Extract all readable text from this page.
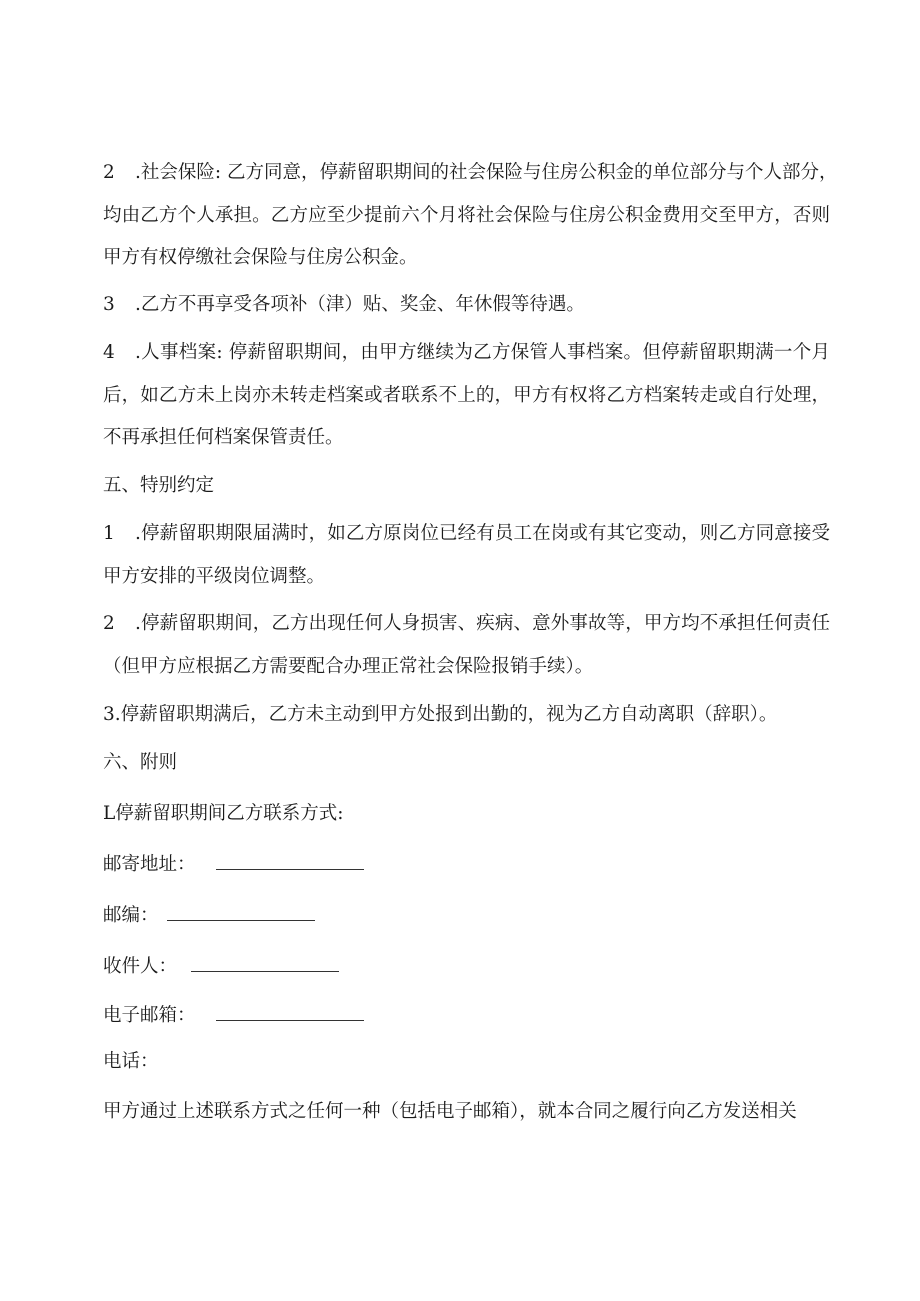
2 .社会保险: 乙方同意，停薪留职期间的社会保险与住房公积金的单位部分与个人部分，
均由乙方个人承担。乙方应至少提前六个月将社会保险与住房公积金费用交至甲方，否则
甲方有权停缴社会保险与住房公积金。
3 .乙方不再享受各项补（津）贴、奖金、年休假等待遇。
4 .人事档案: 停薪留职期间，由甲方继续为乙方保管人事档案。但停薪留职期满一个月
后，如乙方未上岗亦未转走档案或者联系不上的，甲方有权将乙方档案转走或自行处理，
不再承担任何档案保管责任。
五、特别约定
1 .停薪留职期限届满时，如乙方原岗位已经有员工在岗或有其它变动，则乙方同意接受
甲方安排的平级岗位调整。
2 .停薪留职期间，乙方出现任何人身损害、疾病、意外事故等，甲方均不承担任何责任
（但甲方应根据乙方需要配合办理正常社会保险报销手续）。
3.停薪留职期满后，乙方未主动到甲方处报到出勤的，视为乙方自动离职（辞职）。
六、附则
L停薪留职期间乙方联系方式:
邮寄地址：
邮编：
收件人：
电子邮箱：
电话：
甲方通过上述联系方式之任何一种（包括电子邮箱），就本合同之履行向乙方发送相关
